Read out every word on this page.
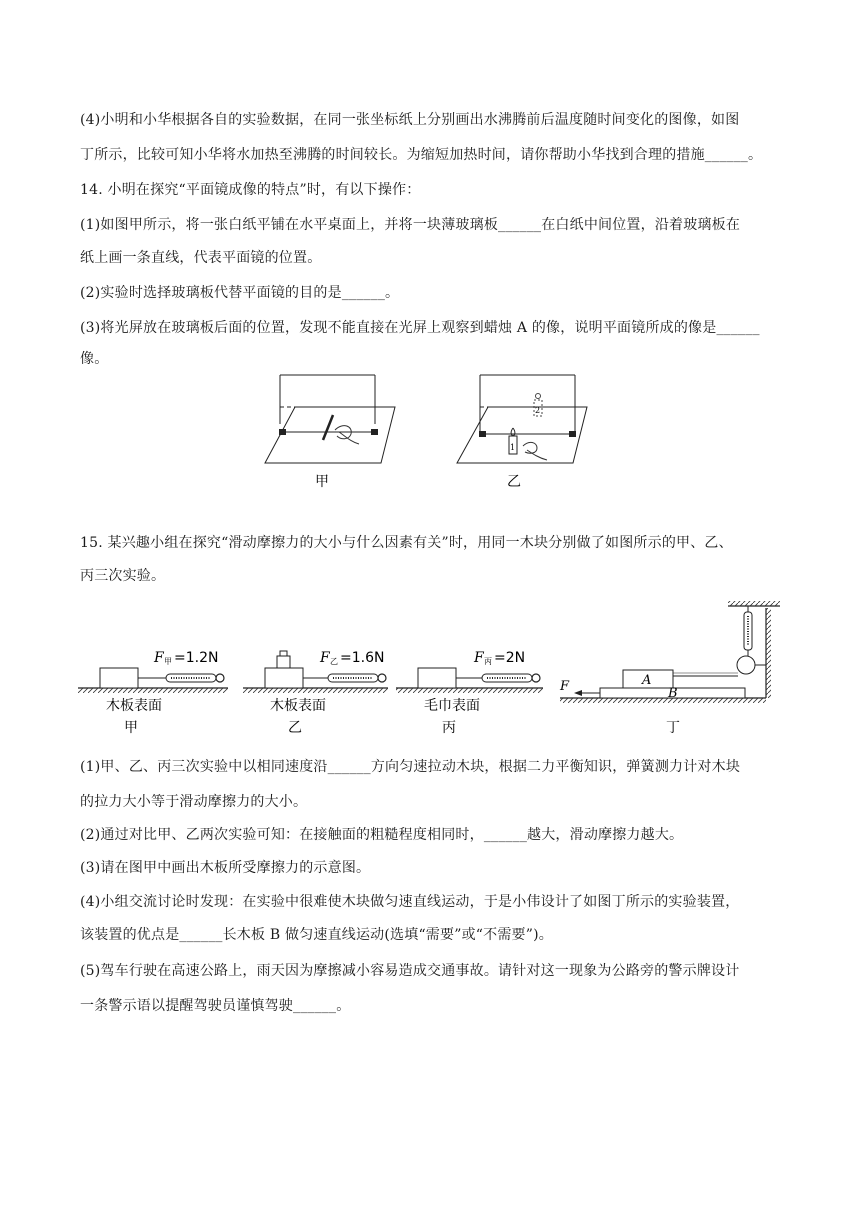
(4)小明和小华根据各自的实验数据，在同一张坐标纸上分别画出水沸腾前后温度随时间变化的图像，如图
丁所示，比较可知小华将水加热至沸腾的时间较长。为缩短加热时间，请你帮助小华找到合理的措施______。
14. 小明在探究“平面镜成像的特点”时，有以下操作：
(1)如图甲所示，将一张白纸平铺在水平桌面上，并将一块薄玻璃板______在白纸中间位置，沿着玻璃板在
纸上画一条直线，代表平面镜的位置。
(2)实验时选择玻璃板代替平面镜的目的是______。
(3)将光屏放在玻璃板后面的位置，发现不能直接在光屏上观察到蜡烛 A 的像，说明平面镜所成的像是______
像。
甲
2
1
乙
15. 某兴趣小组在探究“滑动摩擦力的大小与什么因素有关”时，用同一木块分别做了如图所示的甲、乙、
丙三次实验。
F 甲 =1.2N
木板表面
甲
F 乙 =1.6N
木板表面
乙
F 丙 =2N
毛巾表面
丙
F	A
B
丁
(1)甲、乙、丙三次实验中以相同速度沿______方向匀速拉动木块，根据二力平衡知识，弹簧测力计对木块
的拉力大小等于滑动摩擦力的大小。
(2)通过对比甲、乙两次实验可知：在接触面的粗糙程度相同时，______越大，滑动摩擦力越大。
(3)请在图甲中画出木板所受摩擦力的示意图。
(4)小组交流讨论时发现：在实验中很难使木块做匀速直线运动，于是小伟设计了如图丁所示的实验装置，
该装置的优点是______长木板 B 做匀速直线运动(选填“需要”或“不需要”)。
(5)驾车行驶在高速公路上，雨天因为摩擦减小容易造成交通事故。请针对这一现象为公路旁的警示牌设计
一条警示语以提醒驾驶员谨慎驾驶______。
